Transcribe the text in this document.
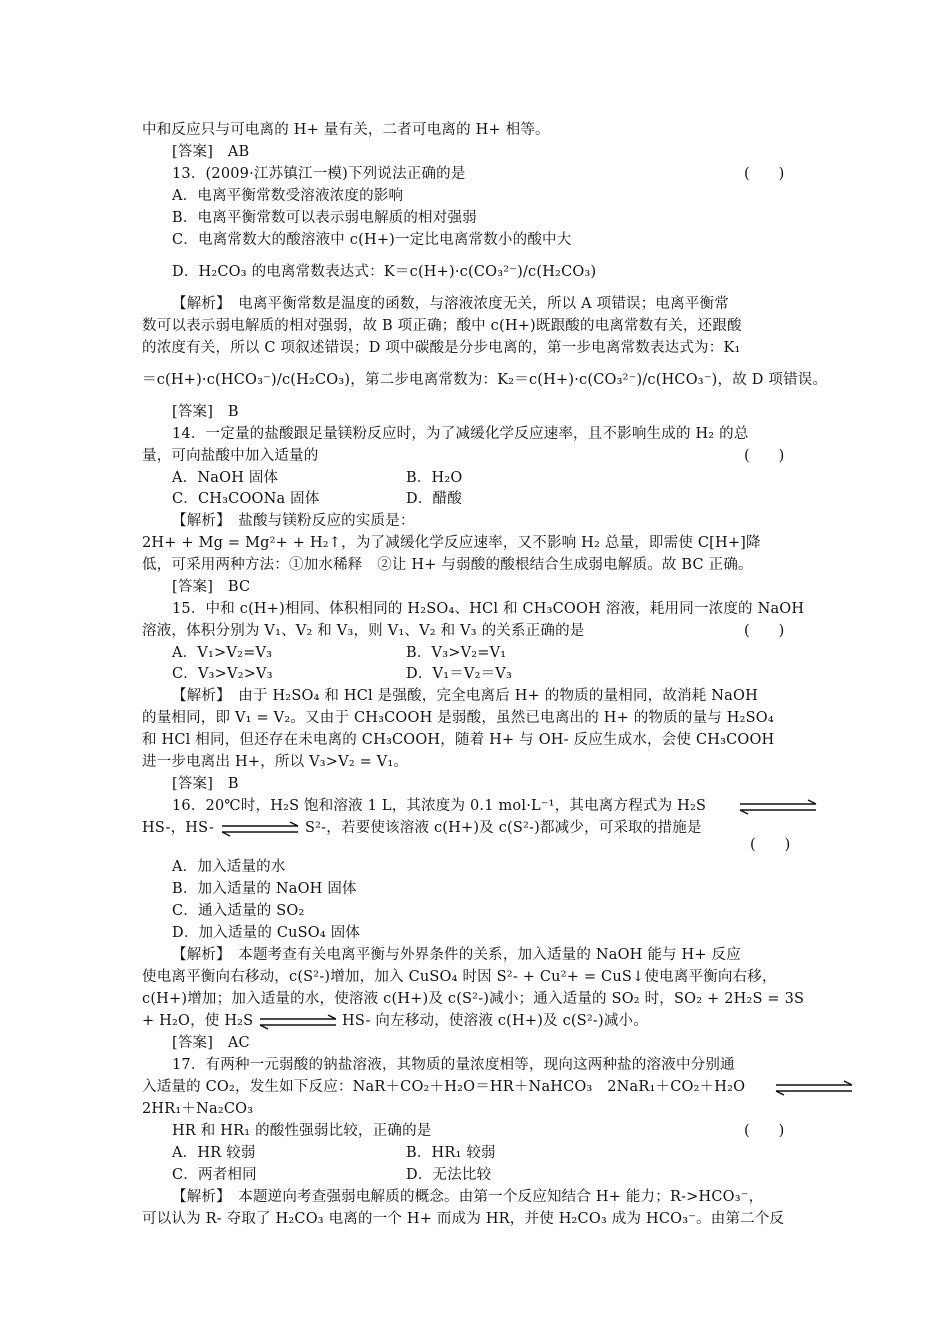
中和反应只与可电离的 H+ 量有关，二者可电离的 H+ 相等。
[答案]　AB
13．(2009·江苏镇江一模)下列说法正确的是
A．电离平衡常数受溶液浓度的影响
B．电离平衡常数可以表示弱电解质的相对强弱
C．电离常数大的酸溶液中 c(H+)一定比电离常数小的酸中大
D．H₂CO₃ 的电离常数表达式：K＝c(H+)·c(CO₃²⁻)/c(H₂CO₃)
【解析】　电离平衡常数是温度的函数，与溶液浓度无关，所以 A 项错误；电离平衡常
数可以表示弱电解质的相对强弱，故 B 项正确；酸中 c(H+)既跟酸的电离常数有关，还跟酸
的浓度有关，所以 C 项叙述错误；D 项中碳酸是分步电离的，第一步电离常数表达式为：K₁
＝c(H+)·c(HCO₃⁻)/c(H₂CO₃)，第二步电离常数为：K₂＝c(H+)·c(CO₃²⁻)/c(HCO₃⁻)，故 D 项错误。
[答案]　B
14．一定量的盐酸跟足量镁粉反应时，为了减缓化学反应速率，且不影响生成的 H₂ 的总
量，可向盐酸中加入适量的
A．NaOH 固体
C．CH₃COONa 固体
【解析】　盐酸与镁粉反应的实质是：
2H+ + Mg = Mg²+ + H₂↑，为了减缓化学反应速率，又不影响 H₂ 总量，即需使 C[H+]降
低，可采用两种方法：①加水稀释　②让 H+ 与弱酸的酸根结合生成弱电解质。故 BC 正确。
[答案]　BC
15．中和 c(H+)相同、体积相同的 H₂SO₄、HCl 和 CH₃COOH 溶液，耗用同一浓度的 NaOH
溶液，体积分别为 V₁、V₂ 和 V₃，则 V₁、V₂ 和 V₃ 的关系正确的是
A．V₁>V₂=V₃
C．V₃>V₂>V₃
【解析】　由于 H₂SO₄ 和 HCl 是强酸，完全电离后 H+ 的物质的量相同，故消耗 NaOH
的量相同，即 V₁ = V₂。又由于 CH₃COOH 是弱酸，虽然已电离出的 H+ 的物质的量与 H₂SO₄
和 HCl 相同，但还存在未电离的 CH₃COOH，随着 H+ 与 OH- 反应生成水，会使 CH₃COOH
进一步电离出 H+，所以 V₃>V₂ = V₁。
[答案]　B
16．20℃时，H₂S 饱和溶液 1 L，其浓度为 0.1 mol·L⁻¹，其电离方程式为 H₂S
HS-，HS-	S²-，若要使该溶液 c(H+)及 c(S²-)都减少，可采取的措施是
A．加入适量的水
B．加入适量的 NaOH 固体
C．通入适量的 SO₂
D．加入适量的 CuSO₄ 固体
【解析】　本题考查有关电离平衡与外界条件的关系，加入适量的 NaOH 能与 H+ 反应
使电离平衡向右移动，c(S²-)增加，加入 CuSO₄ 时因 S²- + Cu²+ = CuS↓使电离平衡向右移，
c(H+)增加；加入适量的水，使溶液 c(H+)及 c(S²-)减小；通入适量的 SO₂ 时，SO₂ + 2H₂S = 3S
+ H₂O，使 H₂S	HS- 向左移动，使溶液 c(H+)及 c(S²-)减小。
[答案]　AC
17．有两种一元弱酸的钠盐溶液，其物质的量浓度相等，现向这两种盐的溶液中分别通
入适量的 CO₂，发生如下反应：NaR＋CO₂＋H₂O＝HR＋NaHCO₃　2NaR₁＋CO₂＋H₂O
2HR₁＋Na₂CO₃
HR 和 HR₁ 的酸性强弱比较，正确的是
A．HR 较弱
C．两者相同
【解析】　本题逆向考查强弱电解质的概念。由第一个反应知结合 H+ 能力；R->HCO₃⁻，
可以认为 R- 夺取了 H₂CO₃ 电离的一个 H+ 而成为 HR，并使 H₂CO₃ 成为 HCO₃⁻。由第二个反
B．H₂O
D．醋酸
B．V₃>V₂=V₁
D．V₁＝V₂＝V₃
B．HR₁ 较弱
D．无法比较
(　　)
(　　)
(　　)
(　　)
(　　)
